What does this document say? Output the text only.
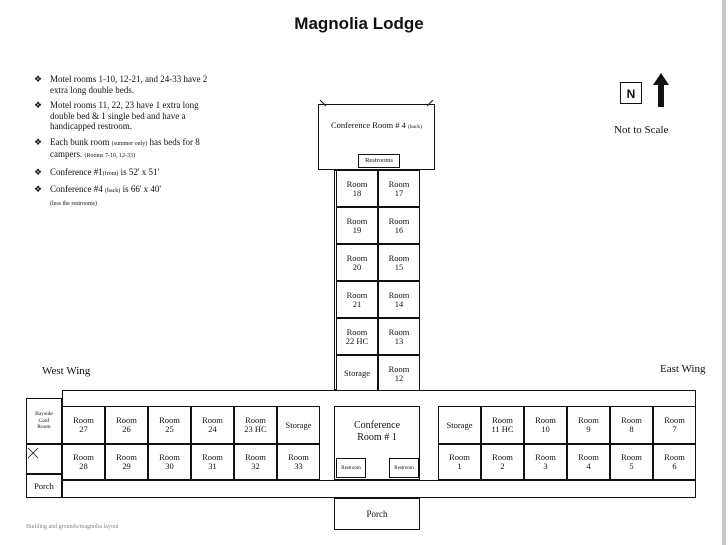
Magnolia Lodge
❖ Motel rooms 1-10, 12-21, and 24-33 have 2 extra long double beds.
❖ Motel rooms 11, 22, 23 have 1 extra long double bed & 1 single bed and have a handicapped restroom.
❖ Each bunk room (summer only) has beds for 8 campers. (Rooms 7-10, 12-33)
❖ Conference #1(front) is 52' x 51'
❖ Conference #4 (back) is 66' x 40'
(less the restrooms)
N
Not to Scale
West Wing	East Wing
Conference Room # 4 (back)
Restrooms
Room
18
Room
17
Room
19
Room
16
Room
20
Room
15
Room
21
Room
14
Room
22 HC
Room
13
Storage Room
12
Room
27
Room
26
Room
25
Room
24
Room
23 HC Storage
Room
28
Room
29
Room
30
Room
31
Room
32
Room
33
Storage Room
11 HC
Room
10
Room
9
Room
8
Room
7
Room
1
Room
2
Room
3
Room
4
Room
5
Room
6
Bayside
Conf
Room
Porch
Conference
Room # 1
Restroom	Restroom
Porch
Building and grounds/magnolia layout
